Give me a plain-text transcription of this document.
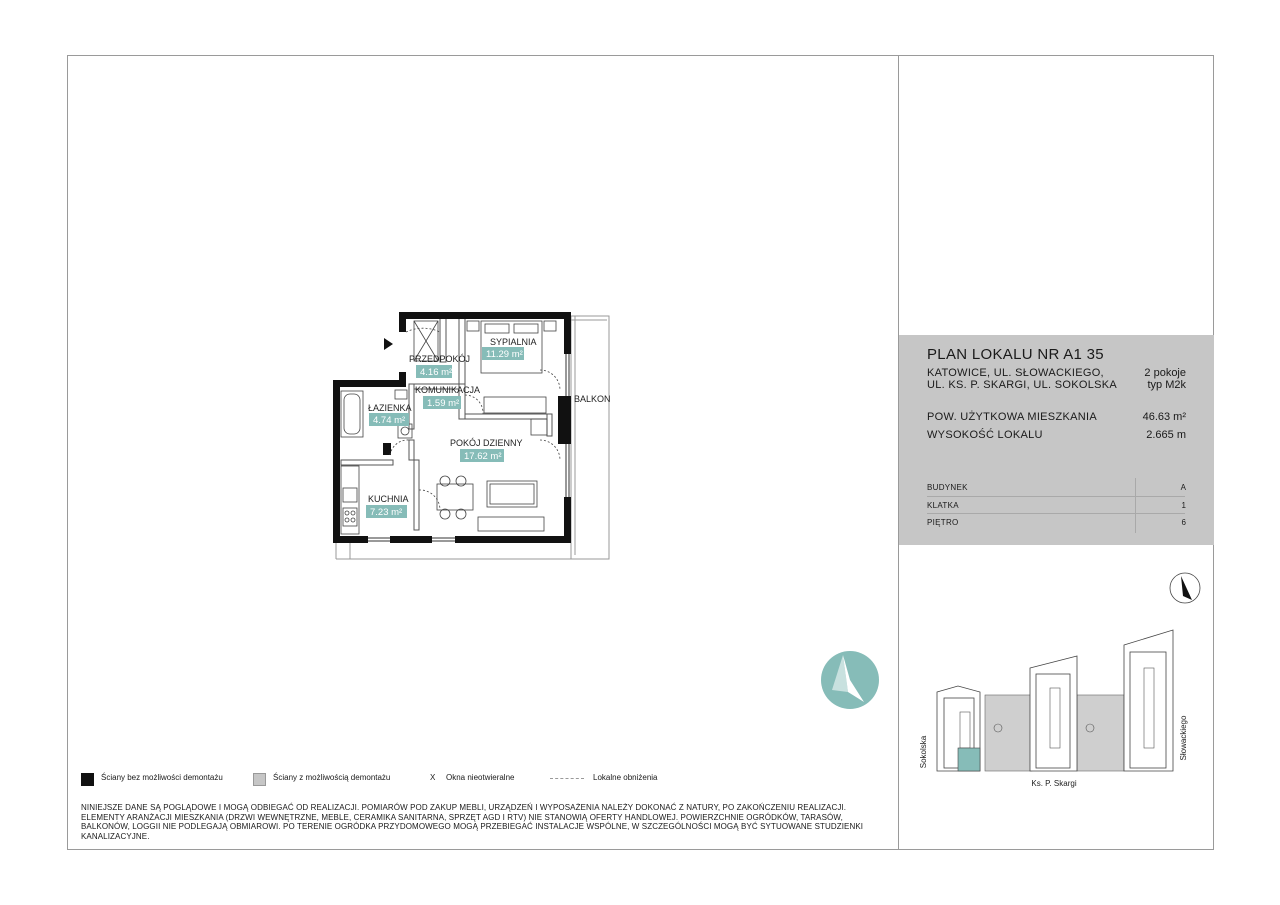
SYPIALNIA
11.29 m²
PRZEDPOKÓJ
4.16 m²
KOMUNIKACJA
1.59 m²
ŁAZIENKA
4.74 m²
POKÓJ DZIENNY
17.62 m²
KUCHNIA
7.23 m²
BALKON
PLAN LOKALU NR A1 35
KATOWICE, UL. SŁOWACKIEGO,
UL. KS. P. SKARGI, UL. SOKOLSKA
2 pokoje
typ M2k
POW. UŻYTKOWA MIESZKANIA	46.63 m²
WYSOKOŚĆ LOKALU	2.665 m
BUDYNEK	A
KLATKA	1
PIĘTRO	6
Sokolska
Ks. P. Skargi
Słowackiego
Ściany bez możliwości demontażu	Ściany z możliwością demontażu	X Okna nieotwieralne	Lokalne obniżenia
NINIEJSZE DANE SĄ POGLĄDOWE I MOGĄ ODBIEGAĆ OD REALIZACJI. POMIARÓW POD ZAKUP MEBLI, URZĄDZEŃ I WYPOSAŻENIA NALEŻY DOKONAĆ Z NATURY, PO ZAKOŃCZENIU REALIZACJI. ELEMENTY ARANŻACJI MIESZKANIA (DRZWI WEWNĘTRZNE, MEBLE, CERAMIKA SANITARNA, SPRZĘT AGD I RTV) NIE STANOWIĄ OFERTY HANDLOWEJ. POWIERZCHNIE OGRÓDKÓW, TARASÓW, BALKONÓW, LOGGII NIE PODLEGAJĄ OBMIAROWI. PO TERENIE OGRÓDKA PRZYDOMOWEGO MOGĄ PRZEBIEGAĆ INSTALACJE WSPÓLNE, W SZCZEGÓLNOŚCI MOGĄ BYĆ SYTUOWANE STUDZIENKI KANALIZACYJNE.
